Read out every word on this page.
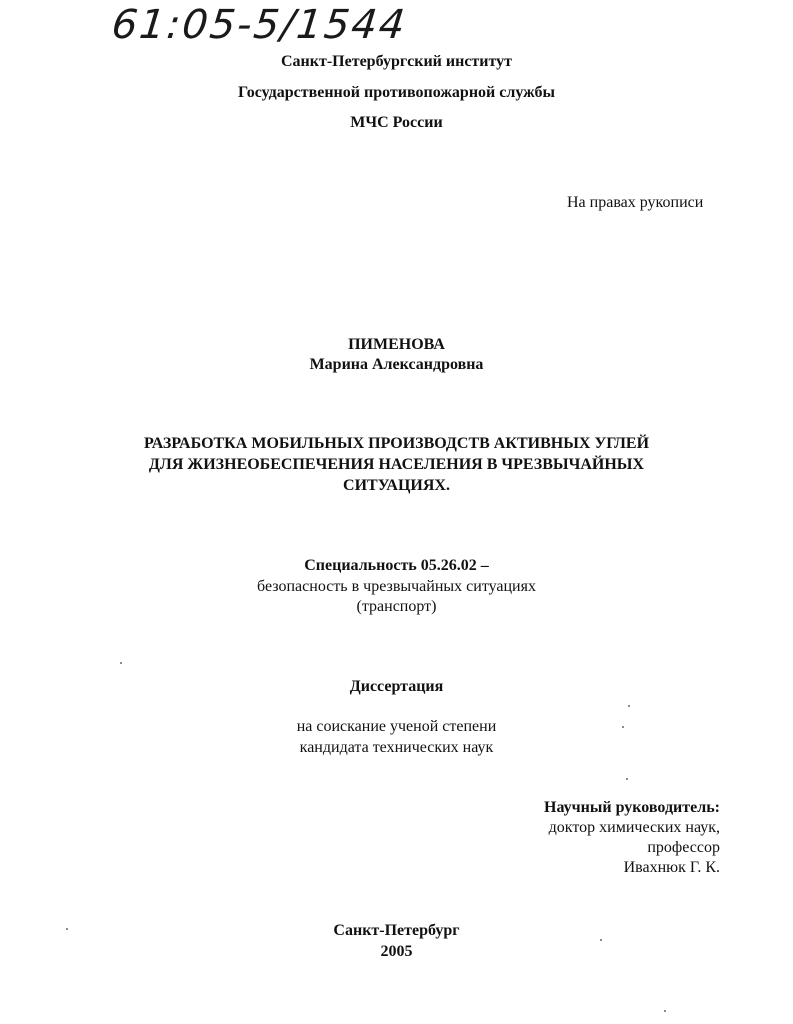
61:05-5/1544
Санкт-Петербургский институт
Государственной противопожарной службы
МЧС России
На правах рукописи
ПИМЕНОВА
Марина Александровна
РАЗРАБОТКА МОБИЛЬНЫХ ПРОИЗВОДСТВ АКТИВНЫХ УГЛЕЙ
ДЛЯ ЖИЗНЕОБЕСПЕЧЕНИЯ НАСЕЛЕНИЯ В ЧРЕЗВЫЧАЙНЫХ
СИТУАЦИЯХ.
Специальность 05.26.02 –
безопасность в чрезвычайных ситуациях
(транспорт)
Диссертация
на соискание ученой степени
кандидата технических наук
Научный руководитель:
доктор химических наук,
профессор
Ивахнюк Г. К.
Санкт-Петербург
2005
